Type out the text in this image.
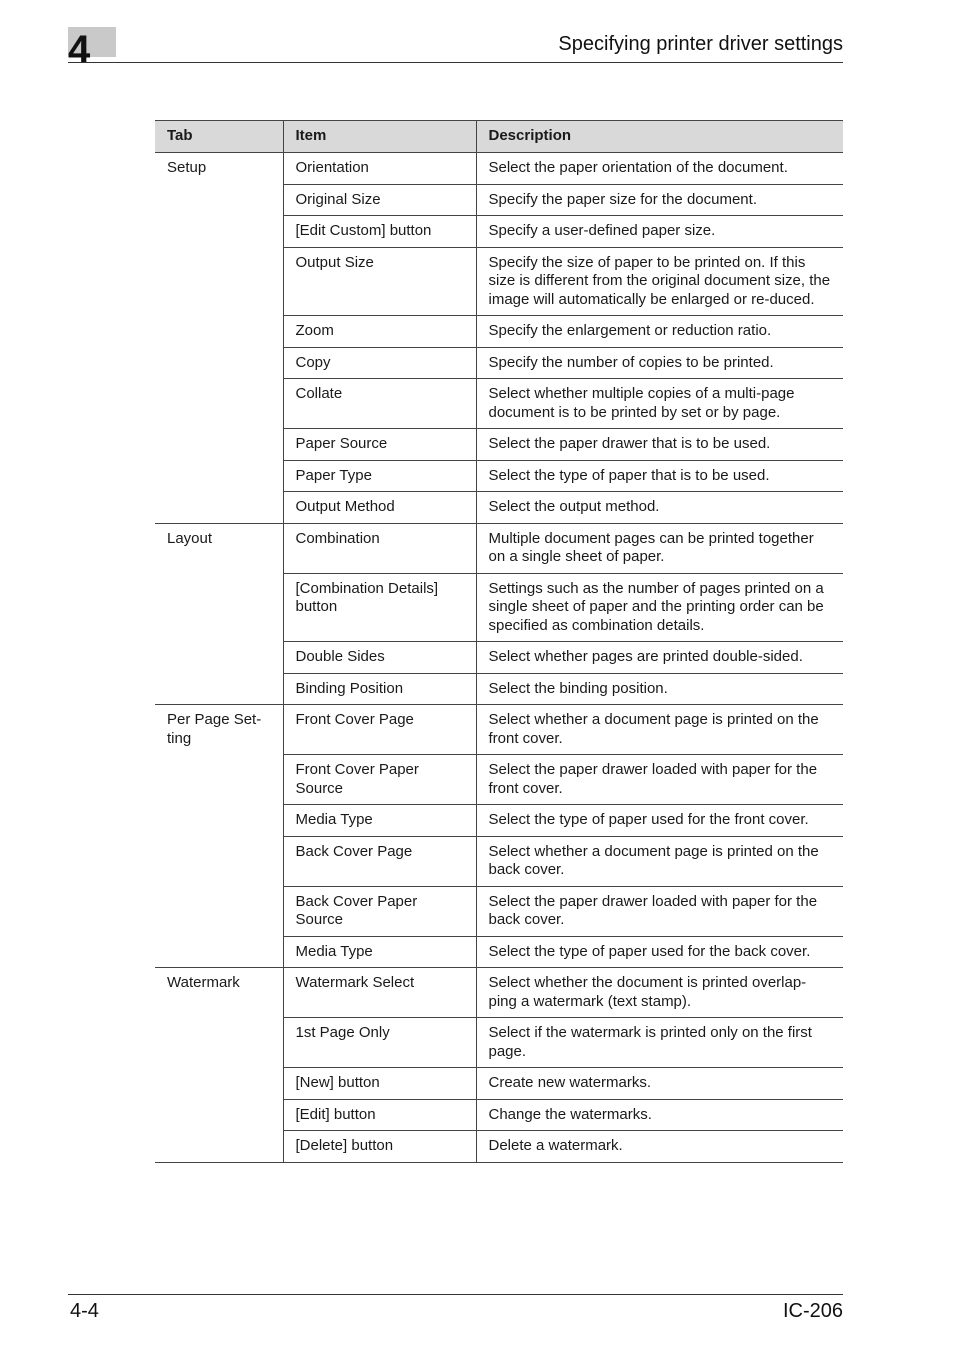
4	Specifying printer driver settings
Tab	Item	Description
Setup	Orientation	Select the paper orientation of the document.
	Original Size	Specify the paper size for the document.
	[Edit Custom] button	Specify a user-defined paper size.
	Output Size	Specify the size of paper to be printed on. If this size is different from the original document size, the image will automatically be enlarged or re-duced.
	Zoom	Specify the enlargement or reduction ratio.
	Copy	Specify the number of copies to be printed.
	Collate	Select whether multiple copies of a multi-page document is to be printed by set or by page.
	Paper Source	Select the paper drawer that is to be used.
	Paper Type	Select the type of paper that is to be used.
	Output Method	Select the output method.
Layout	Combination	Multiple document pages can be printed together on a single sheet of paper.
	[Combination Details] button	Settings such as the number of pages printed on a single sheet of paper and the printing order can be specified as combination details.
	Double Sides	Select whether pages are printed double-sided.
	Binding Position	Select the binding position.
Per Page Set-ting	Front Cover Page	Select whether a document page is printed on the front cover.
	Front Cover Paper Source	Select the paper drawer loaded with paper for the front cover.
	Media Type	Select the type of paper used for the front cover.
	Back Cover Page	Select whether a document page is printed on the back cover.
	Back Cover Paper Source	Select the paper drawer loaded with paper for the back cover.
	Media Type	Select the type of paper used for the back cover.
Watermark	Watermark Select	Select whether the document is printed overlap-ping a watermark (text stamp).
	1st Page Only	Select if the watermark is printed only on the first page.
	[New] button	Create new watermarks.
	[Edit] button	Change the watermarks.
	[Delete] button	Delete a watermark.
4-4	IC-206
